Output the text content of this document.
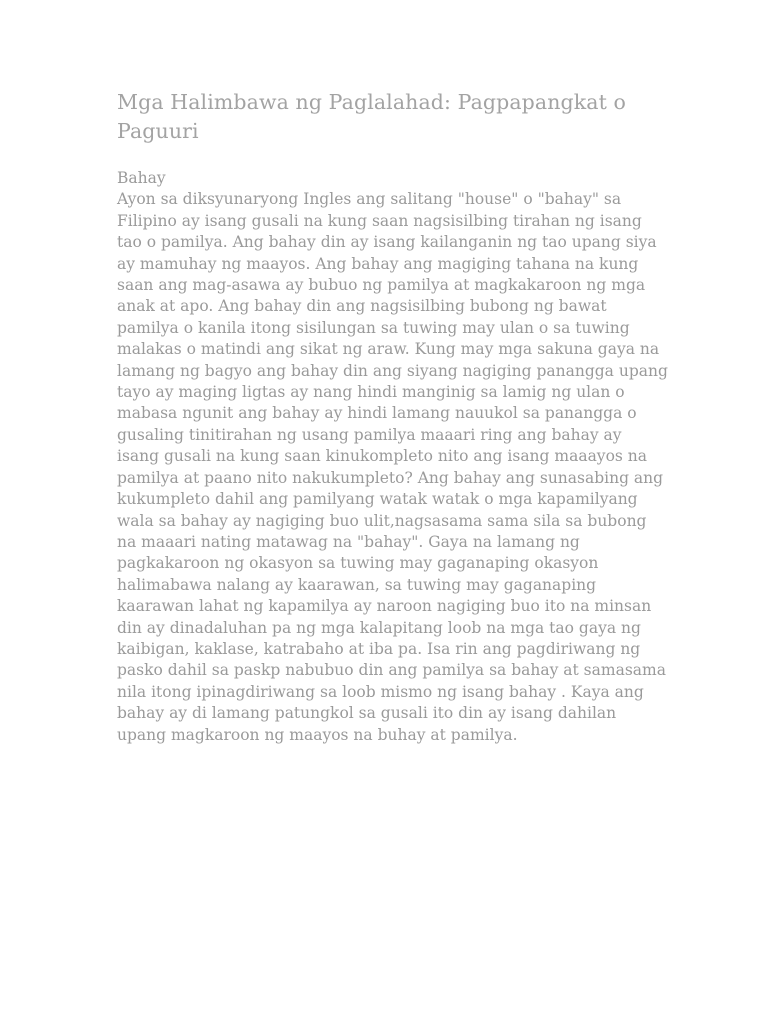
Mga Halimbawa ng Paglalahad: Pagpapangkat o Paguuri
Bahay

Ayon sa diksyunaryong Ingles ang salitang "house" o "bahay" sa Filipino ay isang gusali na kung saan nagsisilbing tirahan ng isang tao o pamilya. Ang bahay din ay isang kailanganin ng tao upang siya ay mamuhay ng maayos. Ang bahay ang magiging tahana na kung saan ang mag-asawa ay bubuo ng pamilya at magkakaroon ng mga anak at apo. Ang bahay din ang nagsisilbing bubong ng bawat pamilya o kanila itong sisilungan sa tuwing may ulan o sa tuwing malakas o matindi ang sikat ng araw. Kung may mga sakuna gaya na lamang ng bagyo ang bahay din ang siyang nagiging panangga upang tayo ay maging ligtas ay nang hindi manginig sa lamig ng ulan o mabasa ngunit ang bahay ay hindi lamang nauukol sa panangga o gusaling tinitirahan ng usang pamilya maaari ring ang bahay ay isang gusali na kung saan kinukompleto nito ang isang maaayos na pamilya at paano nito nakukumpleto? Ang bahay ang sunasabing ang kukumpleto dahil ang pamilyang watak watak o mga kapamilyang wala sa bahay ay nagiging buo ulit,nagsasama sama sila sa bubong na maaari nating matawag na "bahay". Gaya na lamang ng pagkakaroon ng okasyon sa tuwing may gaganaping okasyon halimabawa nalang ay kaarawan, sa tuwing may gaganaping kaarawan lahat ng kapamilya ay naroon nagiging buo ito na minsan din ay dinadaluhan pa ng mga kalapitang loob na mga tao gaya ng kaibigan, kaklase, katrabaho at iba pa. Isa rin ang pagdiriwang ng pasko dahil sa paskp nabubuo din ang pamilya sa bahay at samasama nila itong ipinagdiriwang sa loob mismo ng isang bahay . Kaya ang bahay ay di lamang patungkol sa gusali ito din ay isang dahilan upang magkaroon ng maayos na buhay at pamilya.
